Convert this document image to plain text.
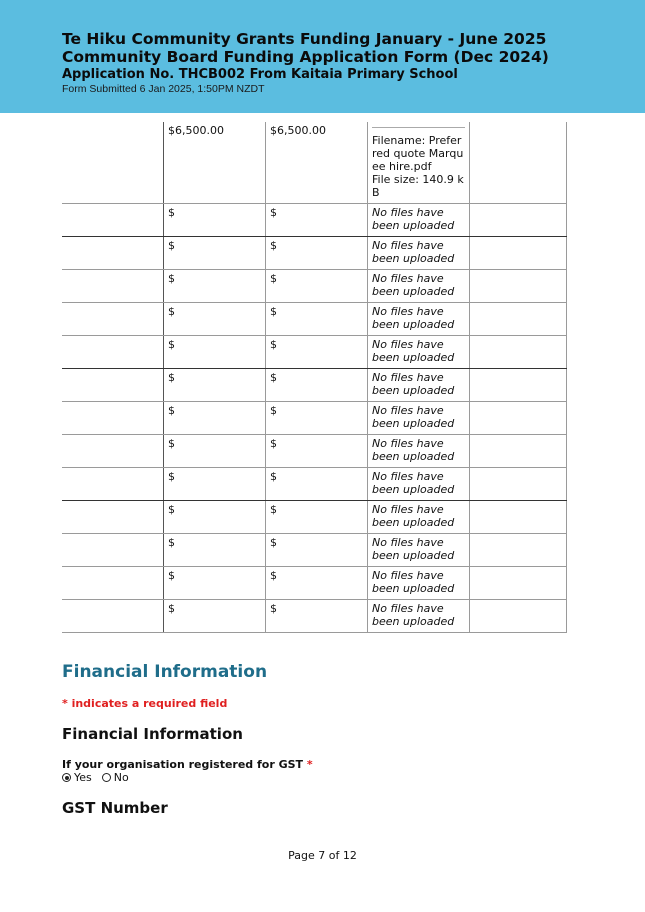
Te Hiku Community Grants Funding January - June 2025
Community Board Funding Application Form (Dec 2024)
Application No. THCB002 From Kaitaia Primary School
Form Submitted 6 Jan 2025, 1:50PM NZDT
	$6,500.00	$6,500.00	Filename: Preferred quote Marquee hire.pdf
File size: 140.9 kB	

	$	$	No files have been uploaded	
	$	$	No files have been uploaded	
	$	$	No files have been uploaded	
	$	$	No files have been uploaded	
	$	$	No files have been uploaded	
	$	$	No files have been uploaded	
	$	$	No files have been uploaded	
	$	$	No files have been uploaded	
	$	$	No files have been uploaded	
	$	$	No files have been uploaded	
	$	$	No files have been uploaded	
	$	$	No files have been uploaded	
	$	$	No files have been uploaded	
Financial Information
* indicates a required field
Financial Information
If your organisation registered for GST *
Yes No
GST Number
Page 7 of 12
